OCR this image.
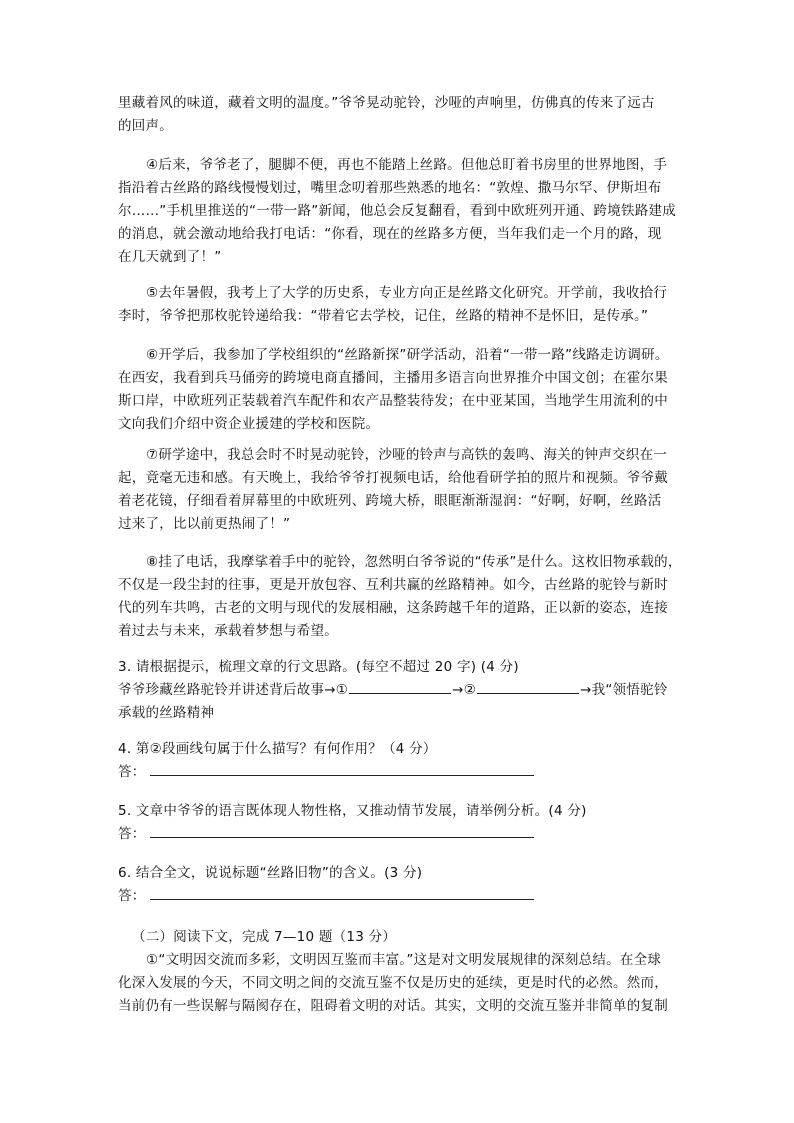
里藏着风的味道，藏着文明的温度。”爷爷晃动驼铃，沙哑的声响里，仿佛真的传来了远古

的回声。

④后来，爷爷老了，腿脚不便，再也不能踏上丝路。但他总盯着书房里的世界地图，手

指沿着古丝路的路线慢慢划过，嘴里念叨着那些熟悉的地名：“敦煌、撒马尔罕、伊斯坦布

尔……”手机里推送的“一带一路”新闻，他总会反复翻看，看到中欧班列开通、跨境铁路建成

的消息，就会激动地给我打电话：“你看，现在的丝路多方便，当年我们走一个月的路，现

在几天就到了！”

⑤去年暑假，我考上了大学的历史系，专业方向正是丝路文化研究。开学前，我收拾行

李时，爷爷把那枚驼铃递给我：“带着它去学校，记住，丝路的精神不是怀旧，是传承。”

⑥开学后，我参加了学校组织的“丝路新探”研学活动，沿着“一带一路”线路走访调研。

在西安，我看到兵马俑旁的跨境电商直播间，主播用多语言向世界推介中国文创；在霍尔果

斯口岸，中欧班列正装载着汽车配件和农产品整装待发；在中亚某国，当地学生用流利的中

文向我们介绍中资企业援建的学校和医院。

⑦研学途中，我总会时不时晃动驼铃，沙哑的铃声与高铁的轰鸣、海关的钟声交织在一

起，竟毫无违和感。有天晚上，我给爷爷打视频电话，给他看研学拍的照片和视频。爷爷戴

着老花镜，仔细看着屏幕里的中欧班列、跨境大桥，眼眶渐渐湿润：“好啊，好啊，丝路活

过来了，比以前更热闹了！”

⑧挂了电话，我摩挲着手中的驼铃，忽然明白爷爷说的“传承”是什么。这枚旧物承载的，

不仅是一段尘封的往事，更是开放包容、互利共赢的丝路精神。如今，古丝路的驼铃与新时

代的列车共鸣，古老的文明与现代的发展相融，这条跨越千年的道路，正以新的姿态，连接

着过去与未来，承载着梦想与希望。

3. 请根据提示，梳理文章的行文思路。(每空不超过 20 字) (4 分)

爷爷珍藏丝路驼铃并讲述背后故事→①	→②	→我“领悟驼铃

承载的丝路精神

4. 第②段画线句属于什么描写？有何作用？（4 分）

答：

5. 文章中爷爷的语言既体现人物性格，又推动情节发展，请举例分析。(4 分)

答：

6. 结合全文，说说标题“丝路旧物”的含义。(3 分)

答：

（二）阅读下文，完成 7—10 题（13 分）

①“文明因交流而多彩，文明因互鉴而丰富。”这是对文明发展规律的深刻总结。在全球

化深入发展的今天，不同文明之间的交流互鉴不仅是历史的延续，更是时代的必然。然而，

当前仍有一些误解与隔阂存在，阻碍着文明的对话。其实，文明的交流互鉴并非简单的复制
